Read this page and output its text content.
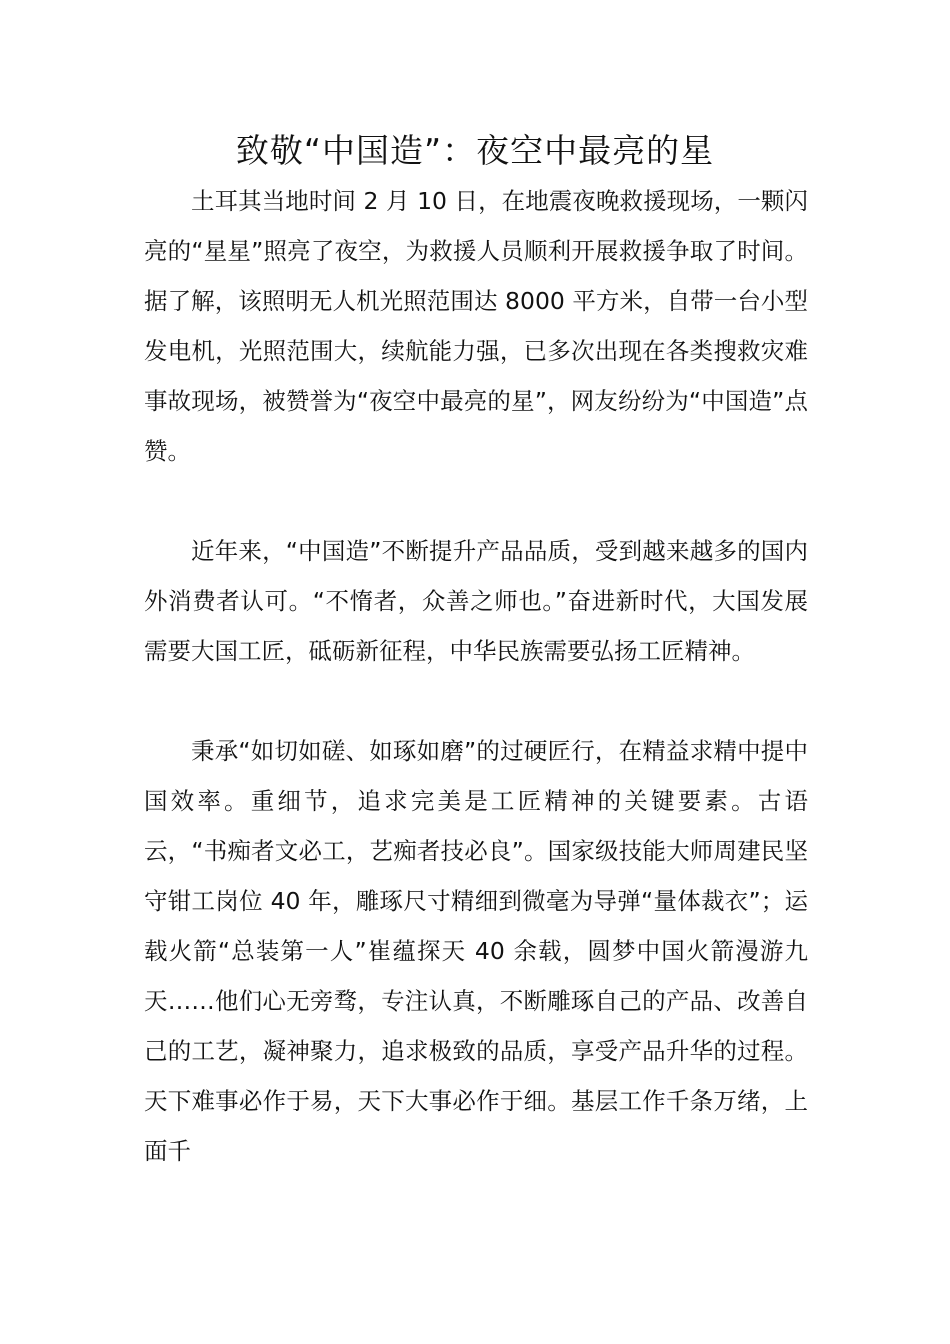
致敬“中国造”：夜空中最亮的星

土耳其当地时间 2 月 10 日，在地震夜晚救援现场，一颗闪亮的“星星”照亮了夜空，为救援人员顺利开展救援争取了时间。据了解，该照明无人机光照范围达 8000 平方米，自带一台小型发电机，光照范围大，续航能力强，已多次出现在各类搜救灾难事故现场，被赞誉为“夜空中最亮的星”，网友纷纷为“中国造”点赞。

近年来，“中国造”不断提升产品品质，受到越来越多的国内外消费者认可。“不惰者，众善之师也。”奋进新时代，大国发展需要大国工匠，砥砺新征程，中华民族需要弘扬工匠精神。

秉承“如切如磋、如琢如磨”的过硬匠行，在精益求精中提中国效率。重细节，追求完美是工匠精神的关键要素。古语云，“书痴者文必工，艺痴者技必良”。国家级技能大师周建民坚守钳工岗位 40 年，雕琢尺寸精细到微毫为导弹“量体裁衣”；运载火箭“总装第一人”崔蕴探天 40 余载，圆梦中国火箭漫游九天……他们心无旁骛，专注认真，不断雕琢自己的产品、改善自己的工艺，凝神聚力，追求极致的品质，享受产品升华的过程。天下难事必作于易，天下大事必作于细。基层工作千条万绪，上面千
